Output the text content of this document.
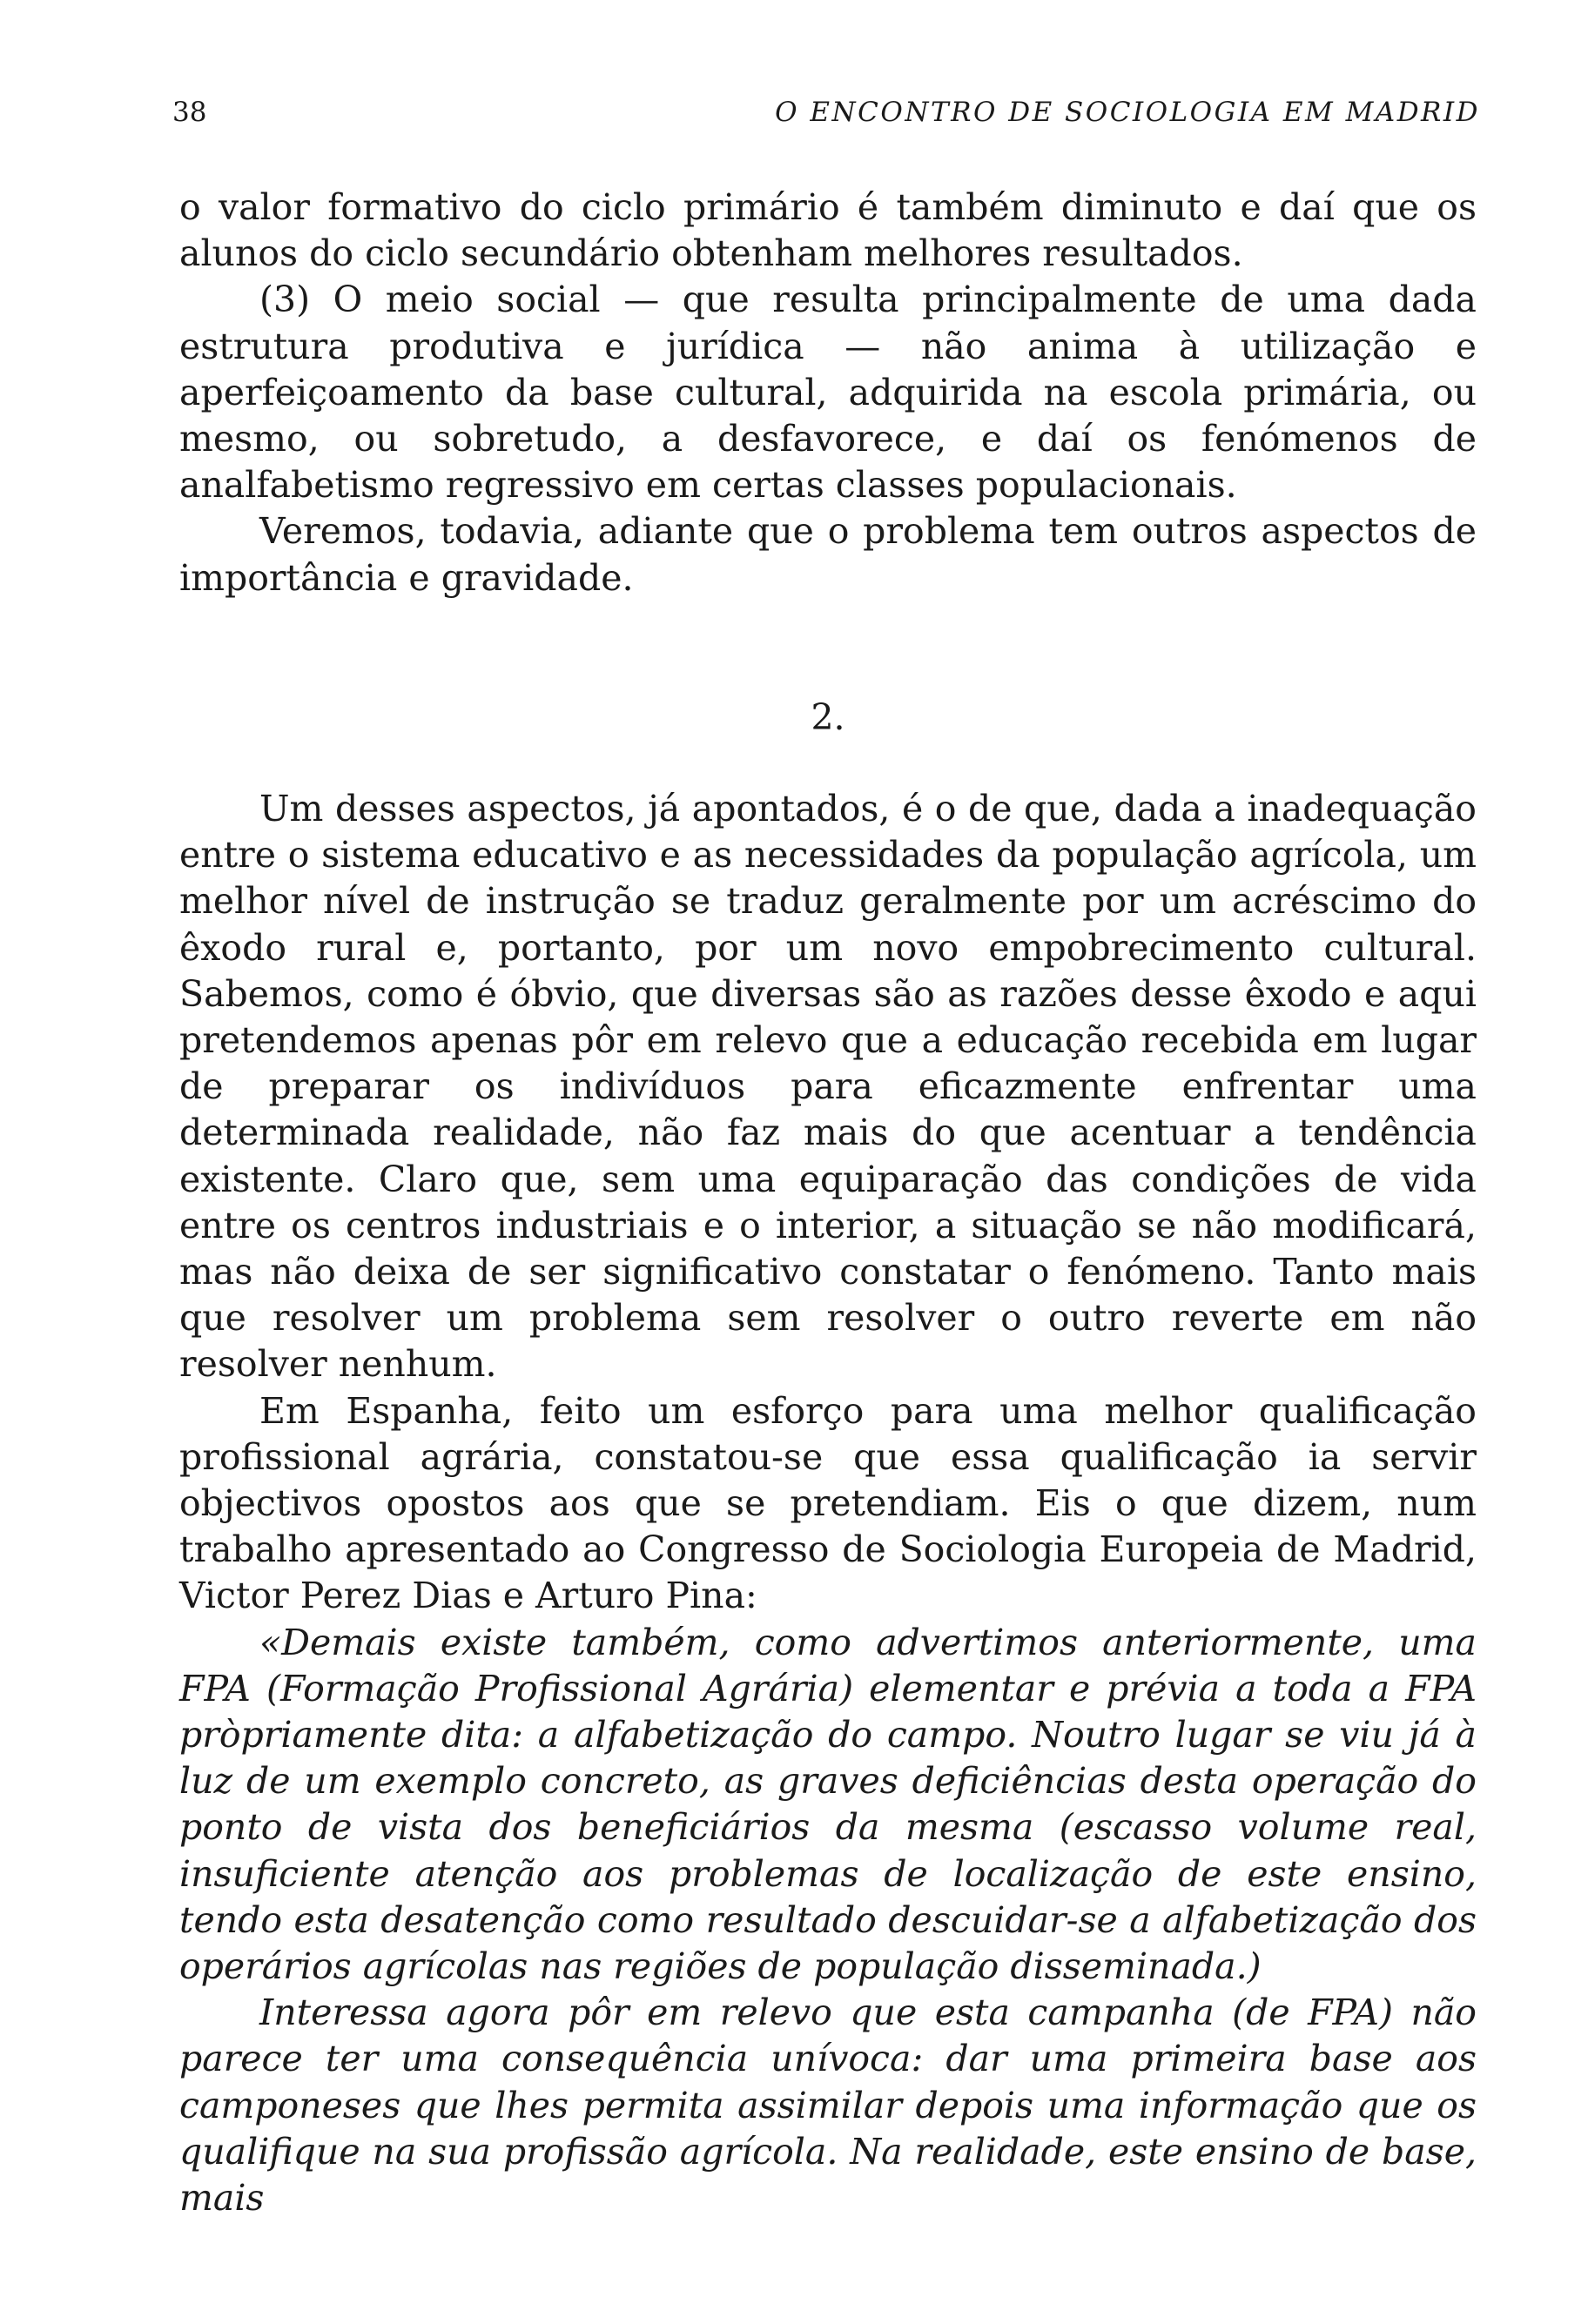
38	O ENCONTRO DE SOCIOLOGIA EM MADRID

o valor formativo do ciclo primário é também diminuto e daí que os alunos do ciclo secundário obtenham melhores resultados.

(3) O meio social — que resulta principalmente de uma dada estrutura produtiva e jurídica — não anima à utilização e aperfeiçoamento da base cultural, adquirida na escola primária, ou mesmo, ou sobretudo, a desfavorece, e daí os fenómenos de analfabetismo regressivo em certas classes populacionais.

Veremos, todavia, adiante que o problema tem outros aspectos de importância e gravidade.

2.

Um desses aspectos, já apontados, é o de que, dada a inadequação entre o sistema educativo e as necessidades da população agrícola, um melhor nível de instrução se traduz geralmente por um acréscimo do êxodo rural e, portanto, por um novo empobrecimento cultural. Sabemos, como é óbvio, que diversas são as razões desse êxodo e aqui pretendemos apenas pôr em relevo que a educação recebida em lugar de preparar os indivíduos para eficazmente enfrentar uma determinada realidade, não faz mais do que acentuar a tendência existente. Claro que, sem uma equiparação das condições de vida entre os centros industriais e o interior, a situação se não modificará, mas não deixa de ser significativo constatar o fenómeno. Tanto mais que resolver um problema sem resolver o outro reverte em não resolver nenhum.

Em Espanha, feito um esforço para uma melhor qualificação profissional agrária, constatou-se que essa qualificação ia servir objectivos opostos aos que se pretendiam. Eis o que dizem, num trabalho apresentado ao Congresso de Sociologia Europeia de Madrid, Victor Perez Dias e Arturo Pina:

«Demais existe também, como advertimos anteriormente, uma FPA (Formação Profissional Agrária) elementar e prévia a toda a FPA pròpriamente dita: a alfabetização do campo. Noutro lugar se viu já à luz de um exemplo concreto, as graves deficiências desta operação do ponto de vista dos beneficiários da mesma (escasso volume real, insuficiente atenção aos problemas de localização de este ensino, tendo esta desatenção como resultado descuidar-se a alfabetização dos operários agrícolas nas regiões de população disseminada.)

Interessa agora pôr em relevo que esta campanha (de FPA) não parece ter uma consequência unívoca: dar uma primeira base aos camponeses que lhes permita assimilar depois uma informação que os qualifique na sua profissão agrícola. Na realidade, este ensino de base, mais
